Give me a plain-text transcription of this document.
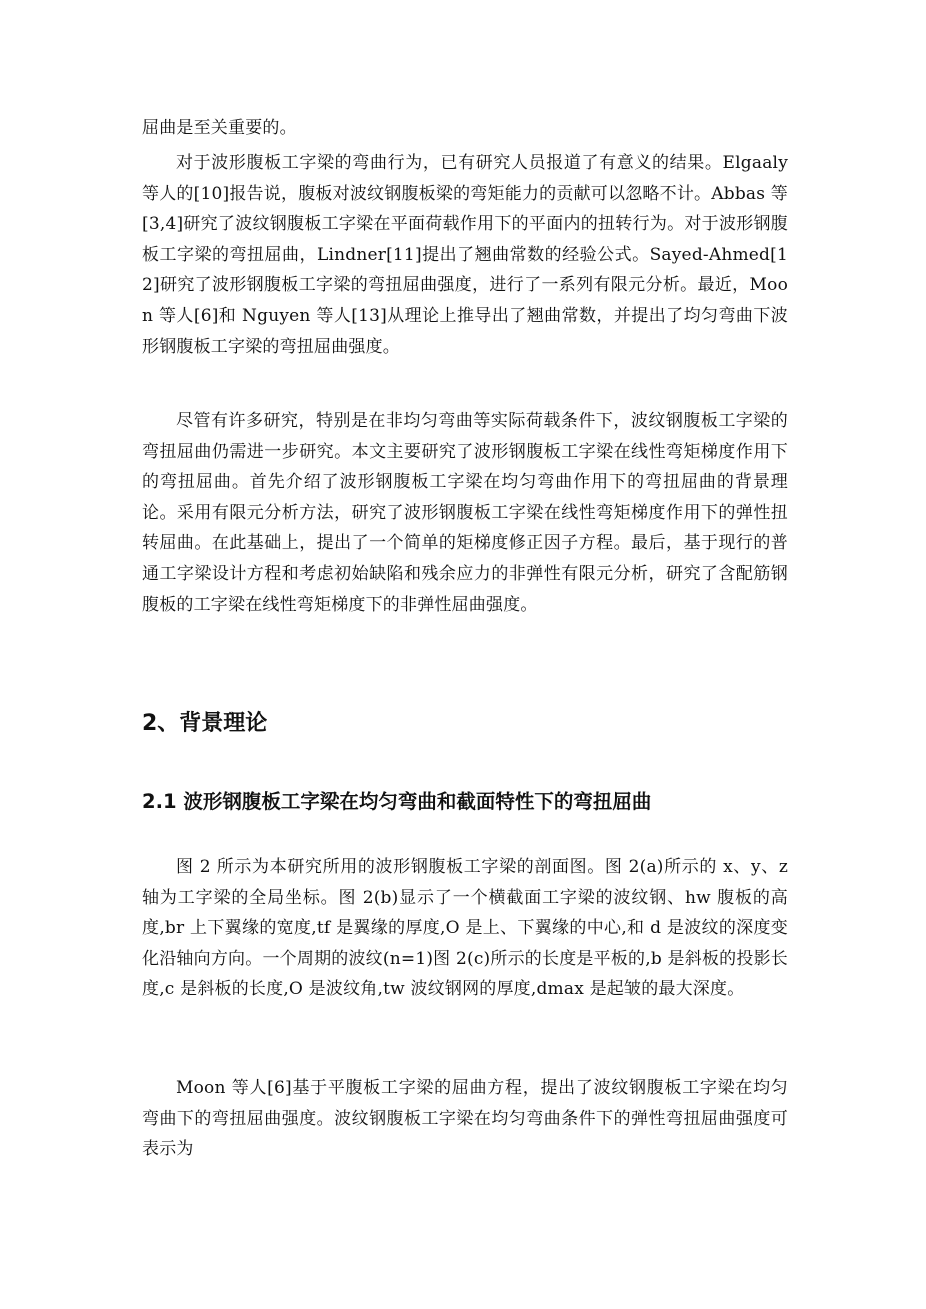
屈曲是至关重要的。

对于波形腹板工字梁的弯曲行为，已有研究人员报道了有意义的结果。Elgaaly等人的[10]报告说，腹板对波纹钢腹板梁的弯矩能力的贡献可以忽略不计。Abbas 等[3,4]研究了波纹钢腹板工字梁在平面荷载作用下的平面内的扭转行为。对于波形钢腹板工字梁的弯扭屈曲，Lindner[11]提出了翘曲常数的经验公式。Sayed-Ahmed[12]研究了波形钢腹板工字梁的弯扭屈曲强度，进行了一系列有限元分析。最近，Moon 等人[6]和 Nguyen 等人[13]从理论上推导出了翘曲常数，并提出了均匀弯曲下波形钢腹板工字梁的弯扭屈曲强度。

尽管有许多研究，特别是在非均匀弯曲等实际荷载条件下，波纹钢腹板工字梁的弯扭屈曲仍需进一步研究。本文主要研究了波形钢腹板工字梁在线性弯矩梯度作用下的弯扭屈曲。首先介绍了波形钢腹板工字梁在均匀弯曲作用下的弯扭屈曲的背景理论。采用有限元分析方法，研究了波形钢腹板工字梁在线性弯矩梯度作用下的弹性扭转屈曲。在此基础上，提出了一个简单的矩梯度修正因子方程。最后，基于现行的普通工字梁设计方程和考虑初始缺陷和残余应力的非弹性有限元分析，研究了含配筋钢腹板的工字梁在线性弯矩梯度下的非弹性屈曲强度。

2、背景理论
2.1 波形钢腹板工字梁在均匀弯曲和截面特性下的弯扭屈曲

图 2 所示为本研究所用的波形钢腹板工字梁的剖面图。图 2(a)所示的 x、y、z 轴为工字梁的全局坐标。图 2(b)显示了一个横截面工字梁的波纹钢、hw 腹板的高度,br 上下翼缘的宽度,tf 是翼缘的厚度,O 是上、下翼缘的中心,和 d 是波纹的深度变化沿轴向方向。一个周期的波纹(n=1)图 2(c)所示的长度是平板的,b 是斜板的投影长度,c 是斜板的长度,O 是波纹角,tw 波纹钢网的厚度,dmax 是起皱的最大深度。

Moon 等人[6]基于平腹板工字梁的屈曲方程，提出了波纹钢腹板工字梁在均匀弯曲下的弯扭屈曲强度。波纹钢腹板工字梁在均匀弯曲条件下的弹性弯扭屈曲强度可表示为
